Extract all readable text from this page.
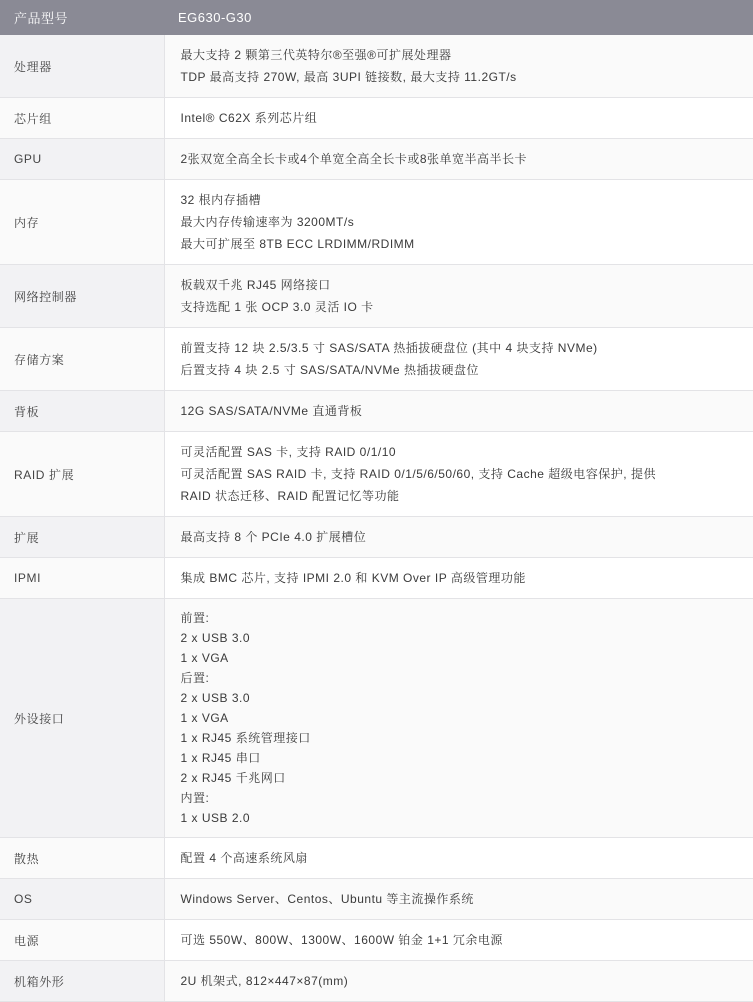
产品型号	EG630-G30
处理器	最大支持 2 颗第三代英特尔®至强®可扩展处理器
TDP 最高支持 270W, 最高 3UPI 链接数, 最大支持 11.2GT/s

芯片组	Intel® C62X 系列芯片组

GPU	2张双宽全高全长卡或4个单宽全高全长卡或8张单宽半高半长卡

内存	32 根内存插槽
最大内存传输速率为 3200MT/s
最大可扩展至 8TB ECC LRDIMM/RDIMM

网络控制器	板载双千兆 RJ45 网络接口
支持选配 1 张 OCP 3.0 灵活 IO 卡

存储方案	前置支持 12 块 2.5/3.5 寸 SAS/SATA 热插拔硬盘位 (其中 4 块支持 NVMe)
后置支持 4 块 2.5 寸 SAS/SATA/NVMe 热插拔硬盘位

背板	12G SAS/SATA/NVMe 直通背板

RAID 扩展	可灵活配置 SAS 卡, 支持 RAID 0/1/10
可灵活配置 SAS RAID 卡, 支持 RAID 0/1/5/6/50/60, 支持 Cache 超级电容保护, 提供
RAID 状态迁移、RAID 配置记忆等功能

扩展	最高支持 8 个 PCIe 4.0 扩展槽位

IPMI	集成 BMC 芯片, 支持 IPMI 2.0 和 KVM Over IP 高级管理功能

外设接口	
前置:
2 x USB 3.0
1 x VGA
后置:
2 x USB 3.0
1 x VGA
1 x RJ45 系统管理接口
1 x RJ45 串口
2 x RJ45 千兆网口
内置:
1 x USB 2.0

散热	配置 4 个高速系统风扇

OS	Windows Server、Centos、Ubuntu 等主流操作系统

电源	可选 550W、800W、1300W、1600W 铂金 1+1 冗余电源

机箱外形	2U 机架式, 812×447×87(mm)
